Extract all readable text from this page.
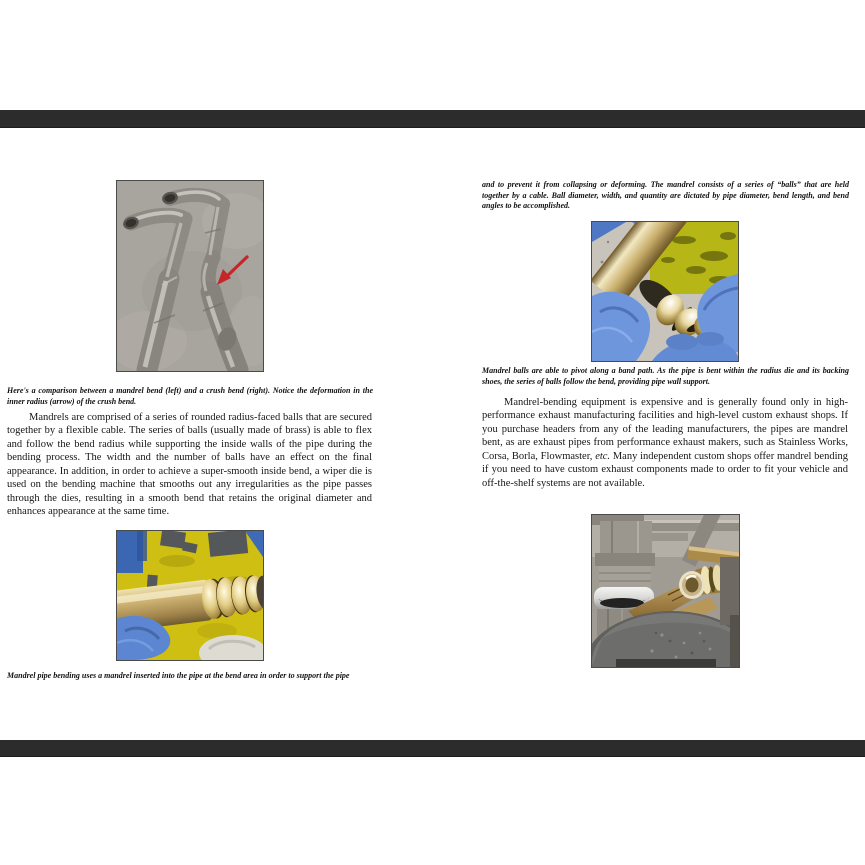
Here's a comparison between a mandrel bend (left) and a crush bend (right). Notice the deformation in the inner radius (arrow) of the crush bend.

Mandrels are comprised of a series of rounded radius-faced balls that are secured together by a flexible cable. The series of balls (usually made of brass) is able to flex and follow the bend radius while supporting the inside walls of the pipe during the bending process. The width and the number of balls have an effect on the final appearance. In addition, in order to achieve a super-smooth inside bend, a wiper die is used on the bending machine that smooths out any irregularities as the pipe passes through the dies, resulting in a smooth bend that retains the original diameter and enhances appearance at the same time.

Mandrel pipe bending uses a mandrel inserted into the pipe at the bend area in order to support the pipe

and to prevent it from collapsing or deforming. The mandrel consists of a series of “balls” that are held together by a cable. Ball diameter, width, and quantity are dictated by pipe diameter, bend length, and bend angles to be accomplished.

Mandrel balls are able to pivot along a band path. As the pipe is bent within the radius die and its backing shoes, the series of balls follow the bend, providing pipe wall support.

Mandrel-bending equipment is expensive and is generally found only in high-performance exhaust manufacturing facilities and high-level custom exhaust shops. If you purchase headers from any of the leading manufacturers, the pipes are mandrel bent, as are exhaust pipes from performance exhaust makers, such as Stainless Works, Corsa, Borla, Flowmaster, etc. Many independent custom shops offer mandrel bending if you need to have custom exhaust components made to order to fit your vehicle and off-the-shelf systems are not available.
